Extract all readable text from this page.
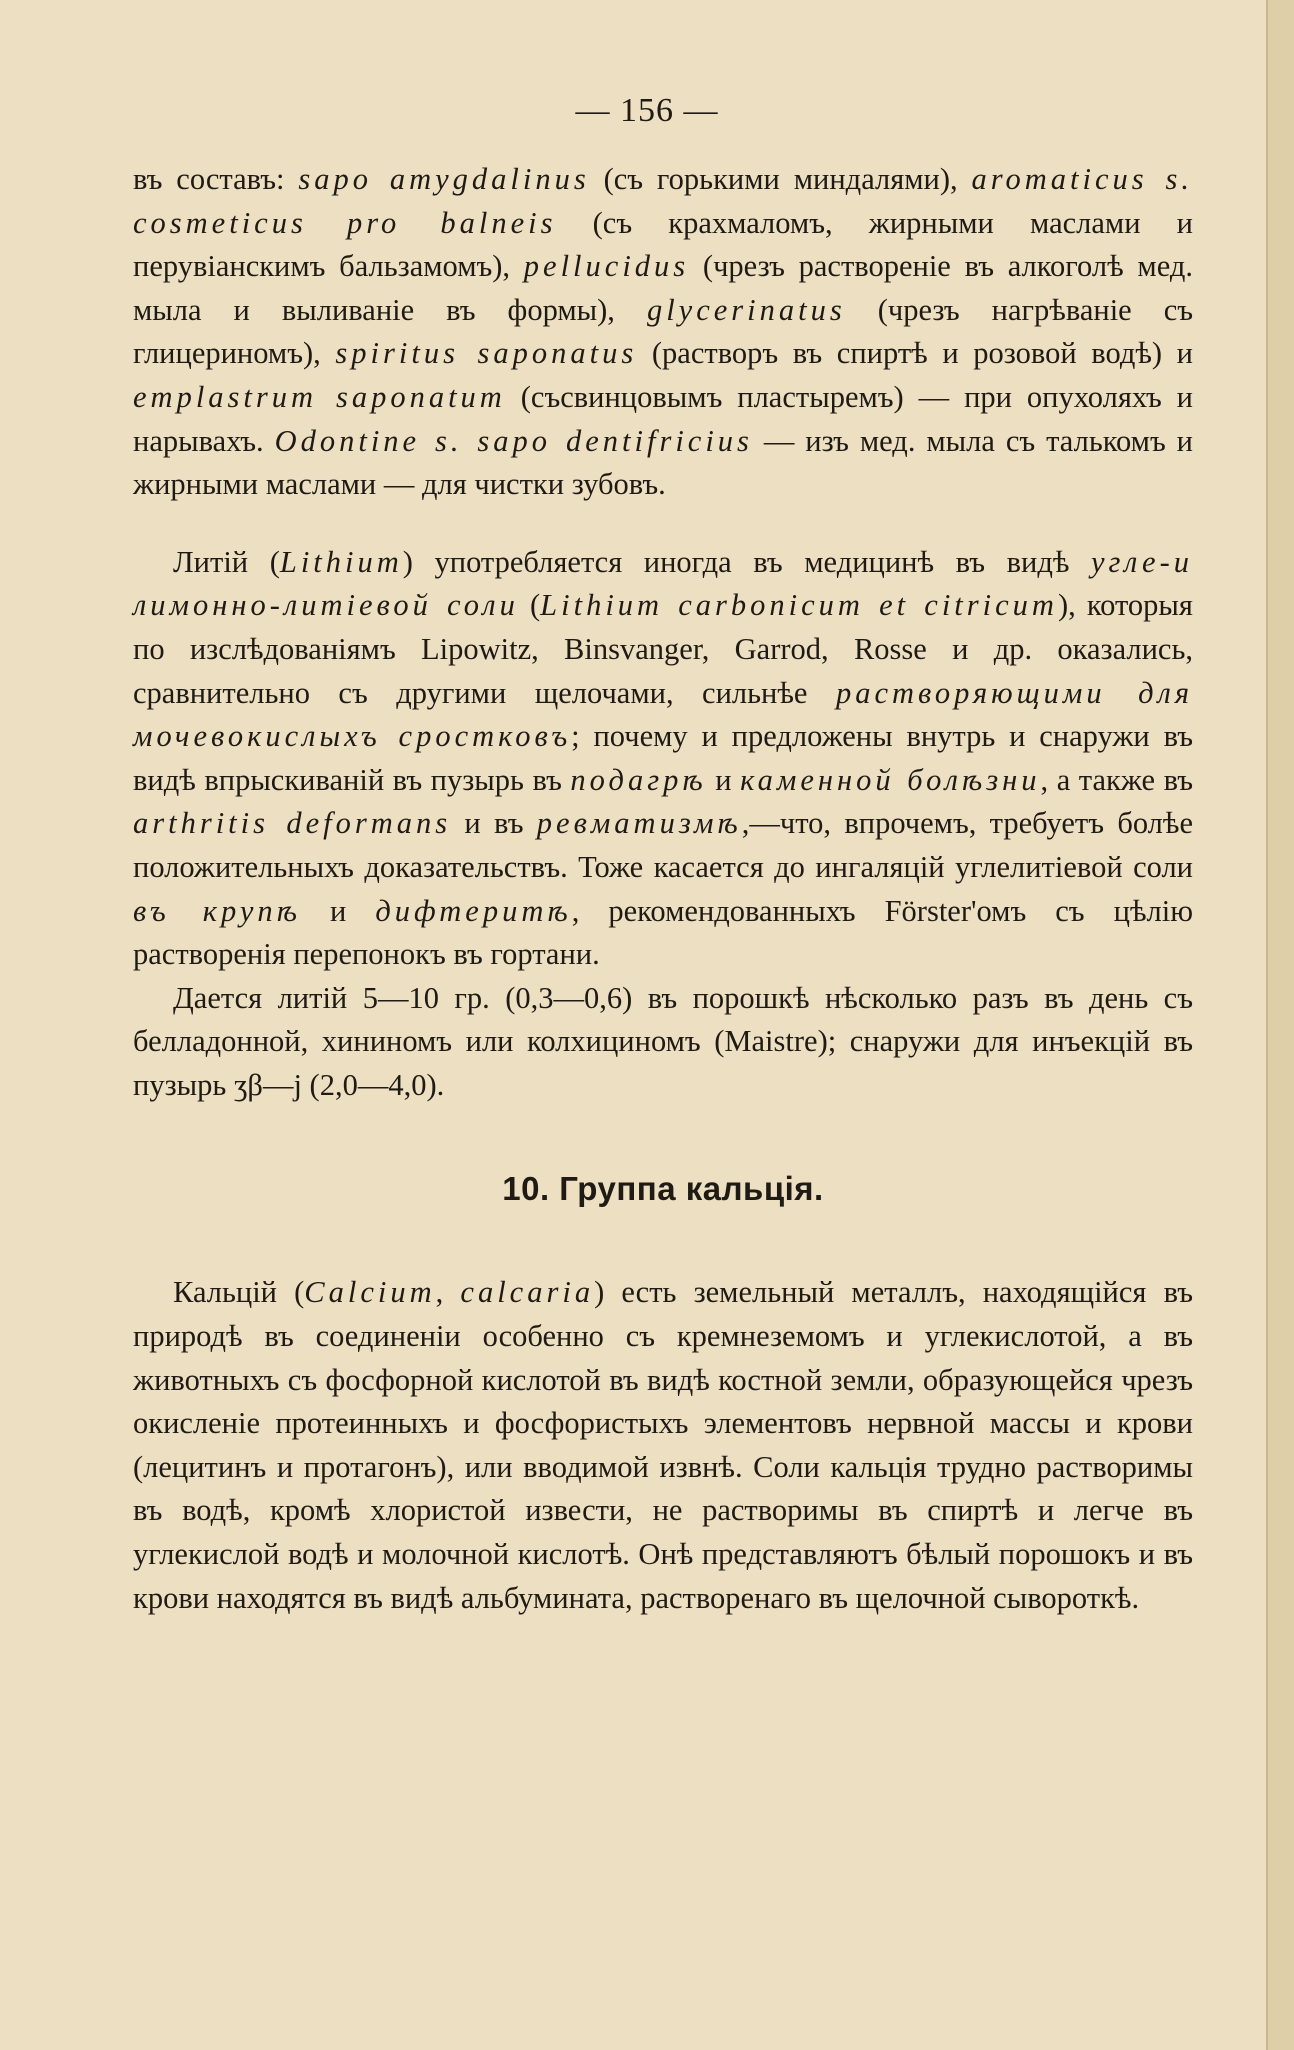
— 156 —

въ составъ: sapo amygdalinus (съ горькими миндалями), aromaticus s. cosmeticus pro balneis (съ крахмаломъ, жирными маслами и перувіанскимъ бальзамомъ), pellucidus (чрезъ раствореніе въ алкоголѣ мед. мыла и выливаніе въ формы), glycerinatus (чрезъ нагрѣваніе съ глицериномъ), spiritus saponatus (растворъ въ спиртѣ и розовой водѣ) и emplastrum saponatum (съсвинцовымъ пластыремъ) — при опухоляхъ и нарывахъ. Odontine s. sapo dentifricius — изъ мед. мыла съ талькомъ и жирными маслами — для чистки зубовъ.

Литій (Lithium) употребляется иногда въ медицинѣ въ видѣ угле-и лимонно-литіевой соли (Lithium carbonicum et citricum), которыя по изслѣдованіямъ Lipowitz, Binsvanger, Garrod, Rosse и др. оказались, сравнительно съ другими щелочами, сильнѣе растворяющими для мочевокислыхъ сростковъ; почему и предложены внутрь и снаружи въ видѣ впрыскиваній въ пузырь въ подагрѣ и каменной болѣзни, а также въ arthritis deformans и въ ревматизмѣ,—что, впрочемъ, требуетъ болѣе положительныхъ доказательствъ. Тоже касается до ингаляцій углелитіевой соли въ крупѣ и дифтеритѣ, рекомендованныхъ Förster'омъ съ цѣлію растворенія перепонокъ въ гортани.

Дается литій 5—10 гр. (0,3—0,6) въ порошкѣ нѣсколько разъ въ день съ белладонной, хининомъ или колхициномъ (Maistre); снаружи для инъекцій въ пузырь ʒβ—j (2,0—4,0).

10. Группа кальція.

Кальцій (Calcium, calcaria) есть земельный металлъ, находящійся въ природѣ въ соединеніи особенно съ кремнеземомъ и углекислотой, а въ животныхъ съ фосфорной кислотой въ видѣ костной земли, образующейся чрезъ окисленіе протеинныхъ и фосфористыхъ элементовъ нервной массы и крови (лецитинъ и протагонъ), или вводимой извнѣ. Соли кальція трудно растворимы въ водѣ, кромѣ хлористой извести, не растворимы въ спиртѣ и легче въ углекислой водѣ и молочной кислотѣ. Онѣ представляютъ бѣлый порошокъ и въ крови находятся въ видѣ альбумината, растворенаго въ щелочной сывороткѣ.
